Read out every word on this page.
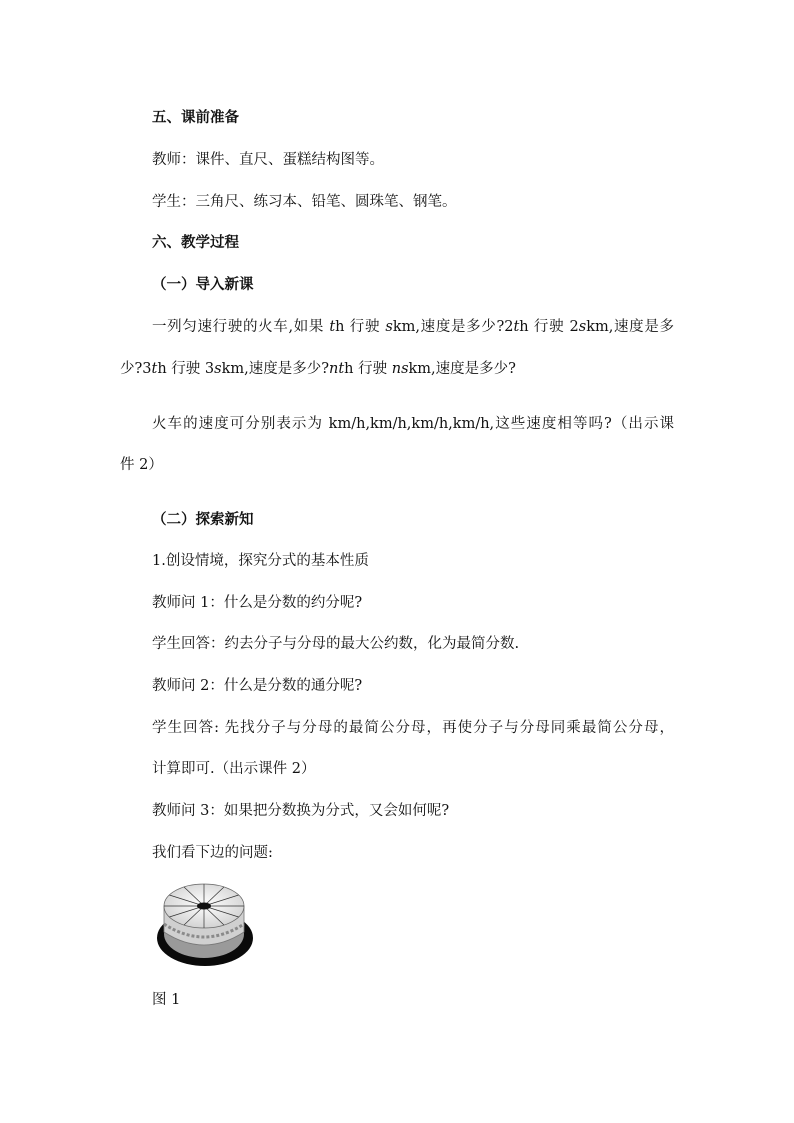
五、课前准备
教师：课件、直尺、蛋糕结构图等。
学生：三角尺、练习本、铅笔、圆珠笔、钢笔。
六、教学过程
（一）导入新课
一列匀速行驶的火车,如果 th 行驶 skm,速度是多少?2th 行驶 2skm,速度是多
少?3th 行驶 3skm,速度是多少?nth 行驶 nskm,速度是多少?
火车的速度可分别表示为 km/h,km/h,km/h,km/h,这些速度相等吗?（出示课
件 2）
（二）探索新知
1.创设情境，探究分式的基本性质
教师问 1：什么是分数的约分呢?
学生回答：约去分子与分母的最大公约数，化为最简分数.
教师问 2：什么是分数的通分呢?
学生回答: 先找分子与分母的最简公分母，再使分子与分母同乘最简公分母，
计算即可.（出示课件 2）
教师问 3：如果把分数换为分式，又会如何呢?
我们看下边的问题:
图 1
